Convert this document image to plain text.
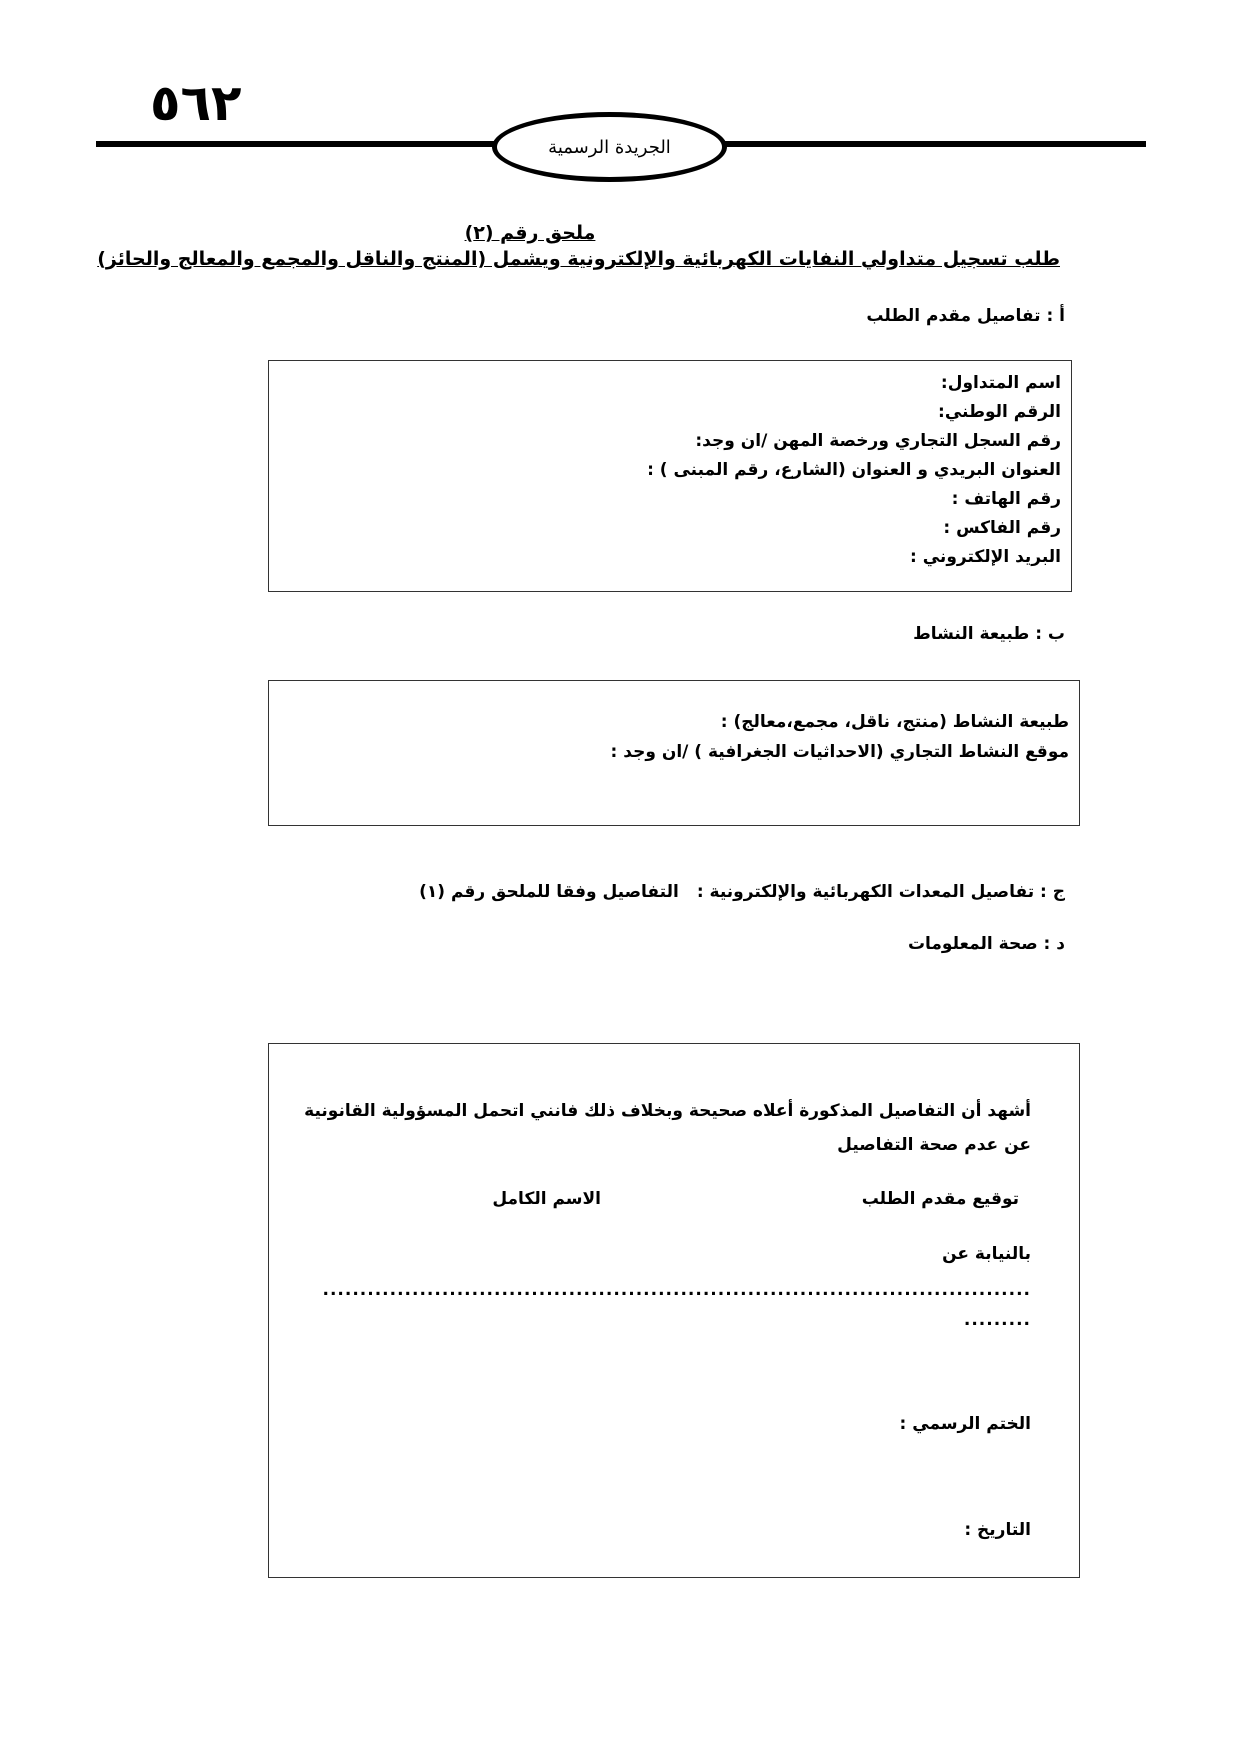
٥٦٢
الجريدة الرسمية
ملحق رقم (٢)
طلب تسجيل متداولي النفايات الكهربائية والإلكترونية ويشمل (المنتج والناقل والمجمع والمعالج والحائز)
أ : تفاصيل مقدم الطلب
اسم المتداول:
الرقم الوطني:
رقم السجل التجاري ورخصة المهن /ان وجد:
العنوان البريدي و العنوان (الشارع، رقم المبنى ) :
رقم الهاتف :
رقم الفاكس :
البريد الإلكتروني :
ب : طبيعة النشاط
طبيعة النشاط (منتج، ناقل، مجمع،معالج) :
موقع النشاط التجاري (الاحداثيات الجغرافية ) /ان وجد :
ج : تفاصيل المعدات الكهربائية والإلكترونية :التفاصيل وفقا للملحق رقم (١)
د : صحة المعلومات
أشهد أن التفاصيل المذكورة أعلاه صحيحة وبخلاف ذلك فانني اتحمل المسؤولية القانونية عن عدم صحة التفاصيل
توقيع مقدم الطلب
الاسم الكامل
بالنيابة عن
...............................................................................................
.........
الختم الرسمي :
التاريخ :
